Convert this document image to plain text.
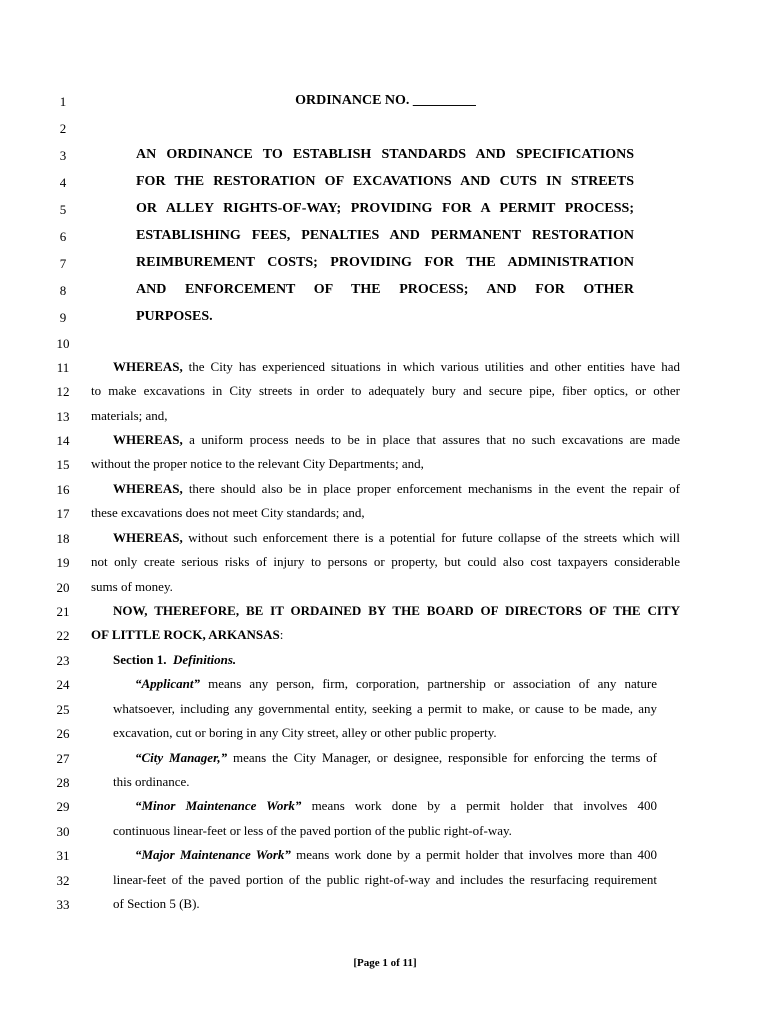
1
2
3
4
5
6
7
8
9
10
11
12
13
14
15
16
17
18
19
20
21
22
23
24
25
26
27
28
29
30
31
32
33
ORDINANCE NO. _________
AN ORDINANCE TO ESTABLISH STANDARDS AND SPECIFICATIONS
FOR THE RESTORATION OF EXCAVATIONS AND CUTS IN STREETS
OR ALLEY RIGHTS-OF-WAY; PROVIDING FOR A PERMIT PROCESS;
ESTABLISHING FEES, PENALTIES AND PERMANENT RESTORATION
REIMBUREMENT COSTS; PROVIDING FOR THE ADMINISTRATION
AND ENFORCEMENT OF THE PROCESS; AND FOR OTHER
PURPOSES.
WHEREAS, the City has experienced situations in which various utilities and other entities have had
to make excavations in City streets in order to adequately bury and secure pipe, fiber optics, or other
materials; and,
WHEREAS, a uniform process needs to be in place that assures that no such excavations are made
without the proper notice to the relevant City Departments; and,
WHEREAS, there should also be in place proper enforcement mechanisms in the event the repair of
these excavations does not meet City standards; and,
WHEREAS, without such enforcement there is a potential for future collapse of the streets which will
not only create serious risks of injury to persons or property, but could also cost taxpayers considerable
sums of money.
NOW, THEREFORE, BE IT ORDAINED BY THE BOARD OF DIRECTORS OF THE CITY
OF LITTLE ROCK, ARKANSAS:
Section 1. Definitions.
“Applicant” means any person, firm, corporation, partnership or association of any nature
whatsoever, including any governmental entity, seeking a permit to make, or cause to be made, any
excavation, cut or boring in any City street, alley or other public property.
“City Manager,” means the City Manager, or designee, responsible for enforcing the terms of
this ordinance.
“Minor Maintenance Work” means work done by a permit holder that involves 400
continuous linear-feet or less of the paved portion of the public right-of-way.
“Major Maintenance Work” means work done by a permit holder that involves more than 400
linear-feet of the paved portion of the public right-of-way and includes the resurfacing requirement
of Section 5 (B).
[Page 1 of 11]
